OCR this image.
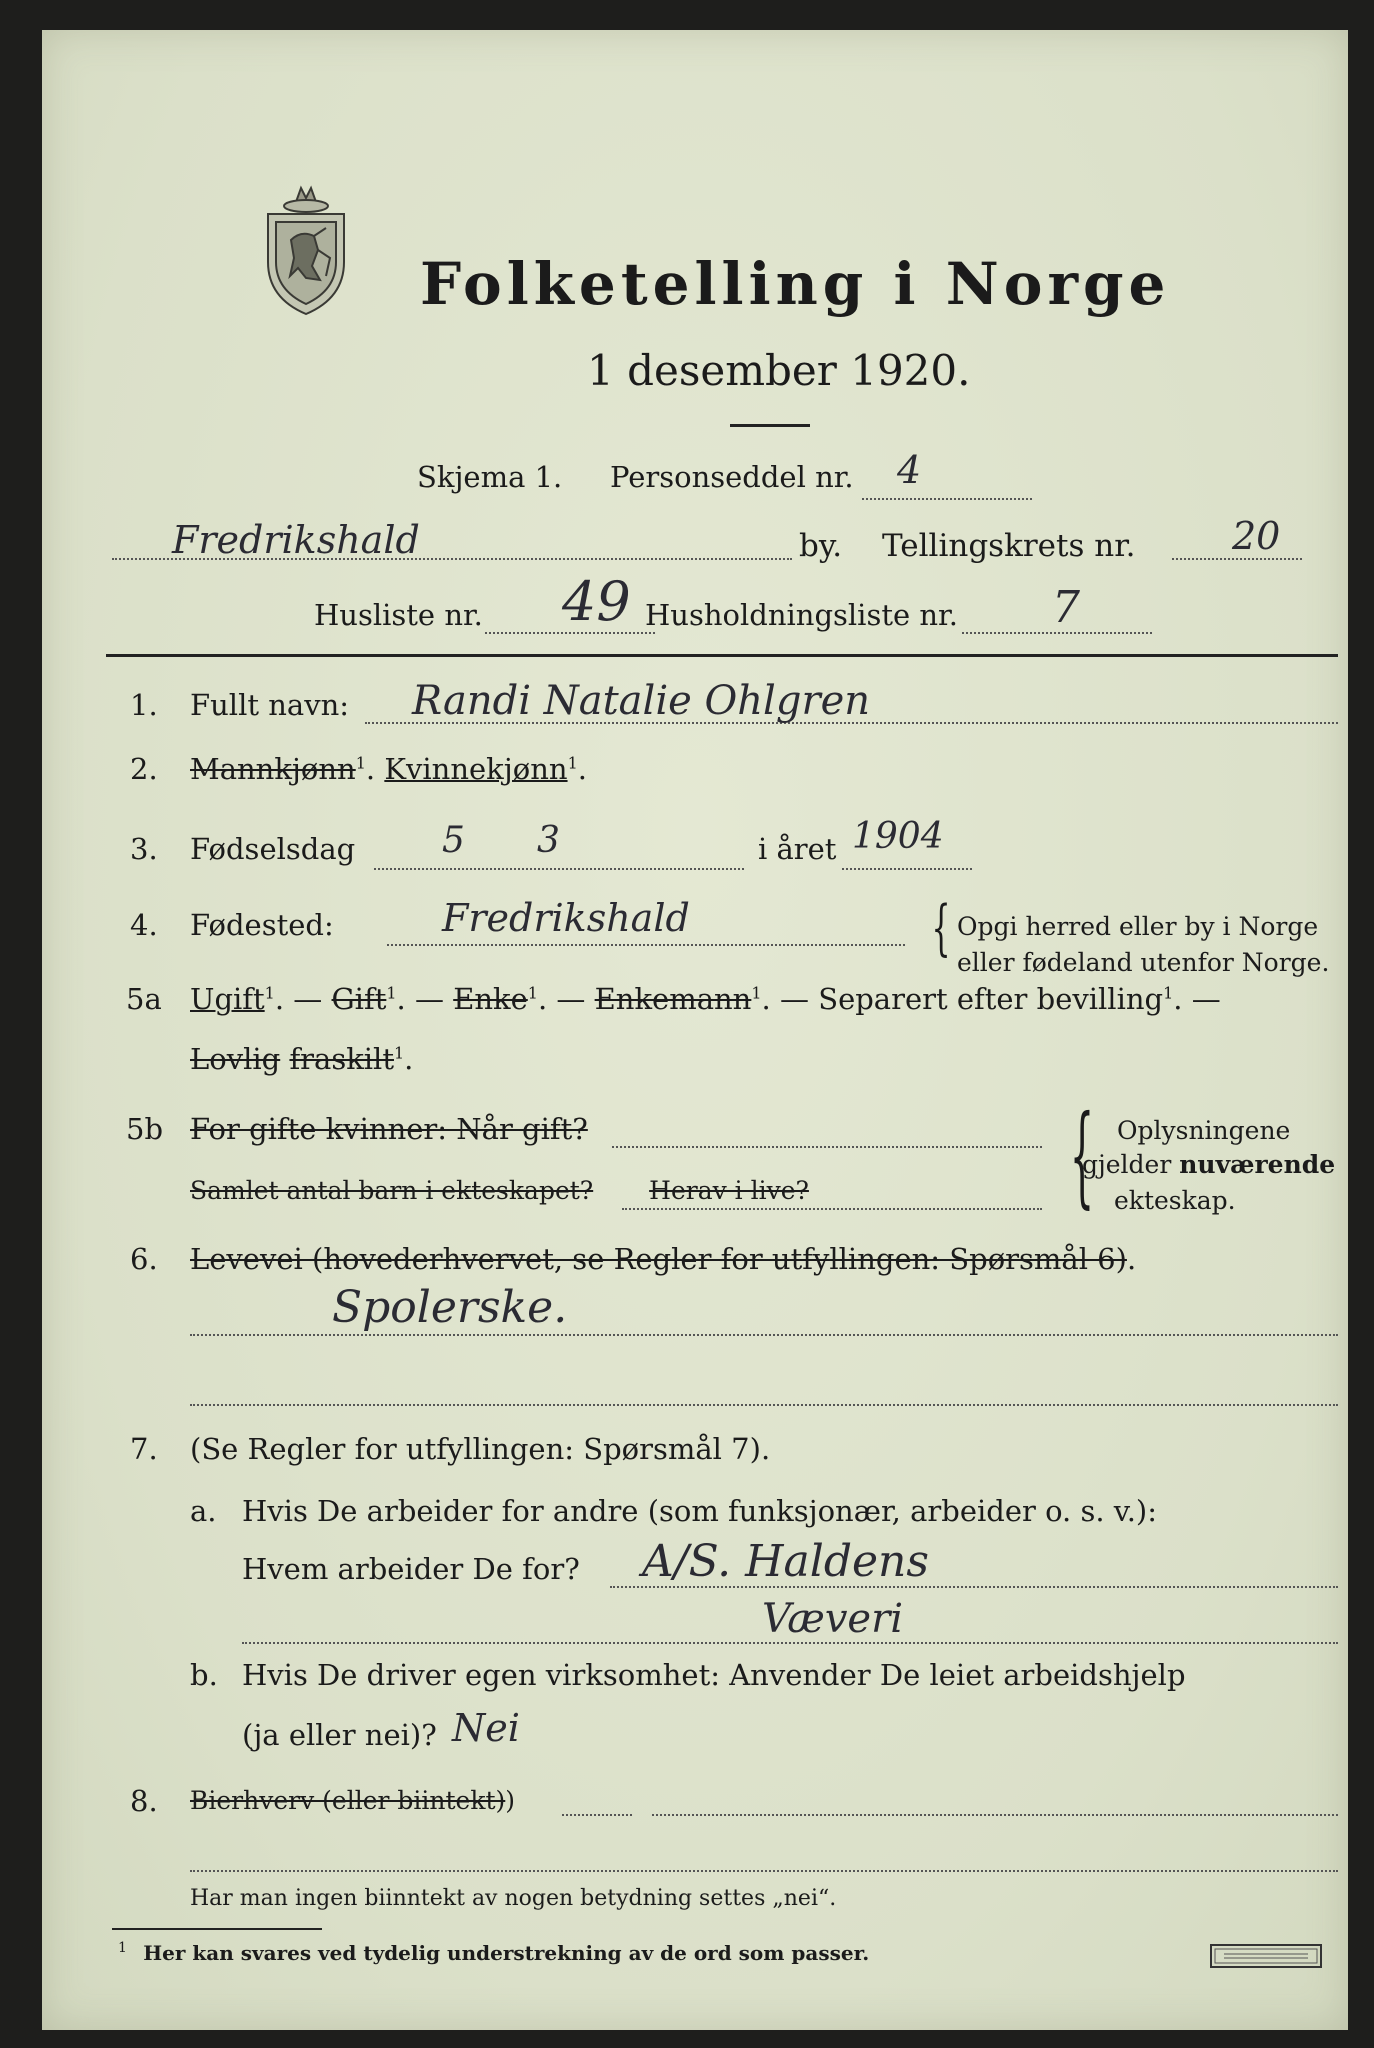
Folketelling i Norge
1 desember 1920.
Skjema 1. Personseddel nr. 4
Fredrikshald	by. Tellingskrets nr.	20
Husliste nr. 49 Husholdningsliste nr. 7
1. Fullt navn: Randi Natalie Ohlgren
2. Mannkjønn$^1$. Kvinnekjønn$^1$.
3. Fødselsdag 5 3	i året 1904
4. Fødested:	Fredrikshald	{ Opgi herred eller by i Norge
eller fødeland utenfor Norge.
5a Ugift$^1$. — Gift$^1$. — Enke$^1$. — Enkemann$^1$. — Separert efter bevilling$^1$. —
Lovlig fraskilt$^1$.
5b For gifte kvinner: Når gift?
Samlet antal barn i ekteskapet? Herav i live? { Oplysningene
gjelder nuværende
ekteskap.
6. Levevei (hovederhvervet, se Regler for utfyllingen: Spørsmål 6).
Spolerske.
7. (Se Regler for utfyllingen: Spørsmål 7).
a. Hvis De arbeider for andre (som funksjonær, arbeider o. s. v.):
Hvem arbeider De for? A/S. Haldens
Væveri
b. Hvis De driver egen virksomhet: Anvender De leiet arbeidshjelp
(ja eller nei)? Nei
8. Bierhverv (eller biintekt))
Har man ingen biinntekt av nogen betydning settes „nei“.
$^1$ Her kan svares ved tydelig understrekning av de ord som passer.
